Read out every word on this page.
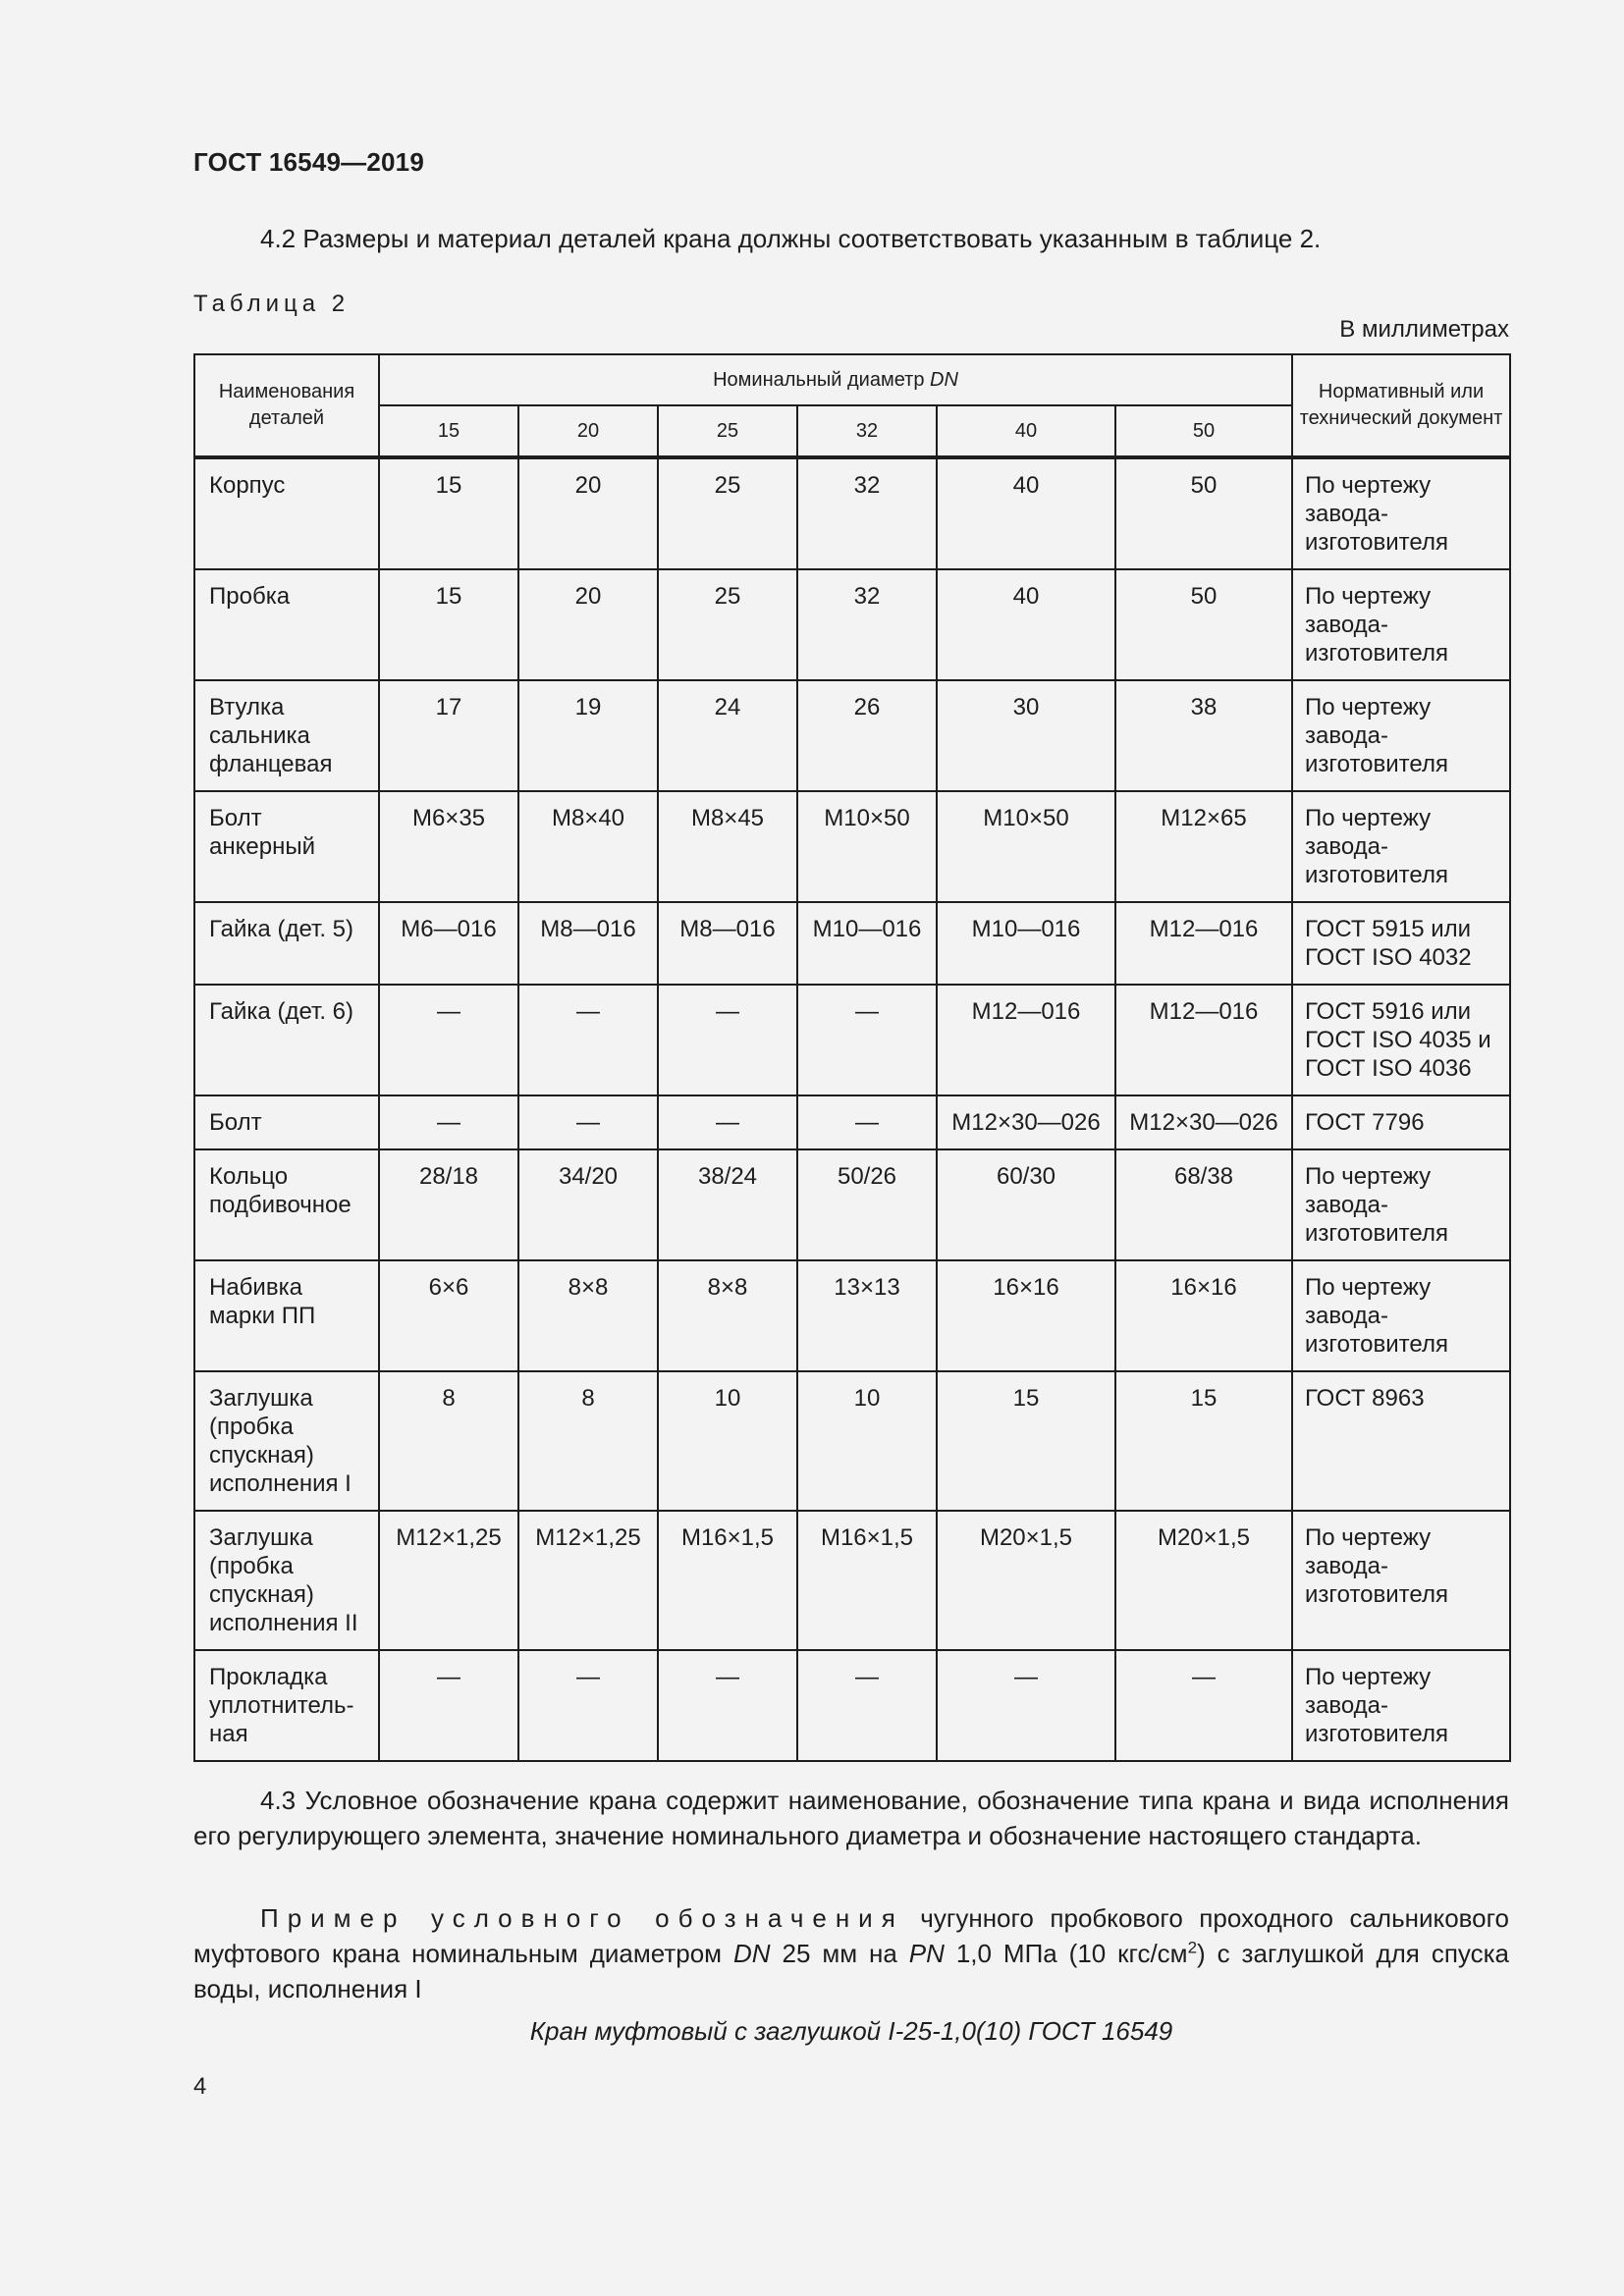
ГОСТ 16549—2019
4.2 Размеры и материал деталей крана должны соответствовать указанным в таблице 2.
Таблица 2
В миллиметрах
Наименования деталей	Номинальный диаметр DN						Нормативный или технический документ
	15	20	25	32	40	50	
Корпус	15	20	25	32	40	50	По чертежу завода-изготовителя
Пробка	15	20	25	32	40	50	По чертежу завода-изготовителя
Втулка сальника фланцевая	17	19	24	26	30	38	По чертежу завода-изготовителя
Болт анкерный	M6×35	M8×40	M8×45	M10×50	M10×50	M12×65	По чертежу завода-изготовителя
Гайка (дет. 5)	M6—016	M8—016	M8—016	M10—016	M10—016	M12—016	ГОСТ 5915 или ГОСТ ISO 4032
Гайка (дет. 6)	—	—	—	—	M12—016	M12—016	ГОСТ 5916 или ГОСТ ISO 4035 и ГОСТ ISO 4036
Болт	—	—	—	—	M12×30—026	M12×30—026	ГОСТ 7796
Кольцо подбивочное	28/18	34/20	38/24	50/26	60/30	68/38	По чертежу завода-изготовителя
Набивка марки ПП	6×6	8×8	8×8	13×13	16×16	16×16	По чертежу завода-изготовителя
Заглушка (пробка спускная) исполнения I	8	8	10	10	15	15	ГОСТ 8963
Заглушка (пробка спускная) исполнения II	M12×1,25	M12×1,25	M16×1,5	M16×1,5	M20×1,5	M20×1,5	По чертежу завода-изготовителя
Прокладка уплотнитель-ная	—	—	—	—	—	—	По чертежу завода-изготовителя
4.3 Условное обозначение крана содержит наименование, обозначение типа крана и вида исполнения его регулирующего элемента, значение номинального диаметра и обозначение настоящего стандарта.
Пример условного обозначения чугунного пробкового проходного сальникового муфтового крана номинальным диаметром DN 25 мм на PN 1,0 МПа (10 кгс/$см^2$) с заглушкой для спуска воды, исполнения I
Кран муфтовый с заглушкой I-25-1,0(10) ГОСТ 16549
4
